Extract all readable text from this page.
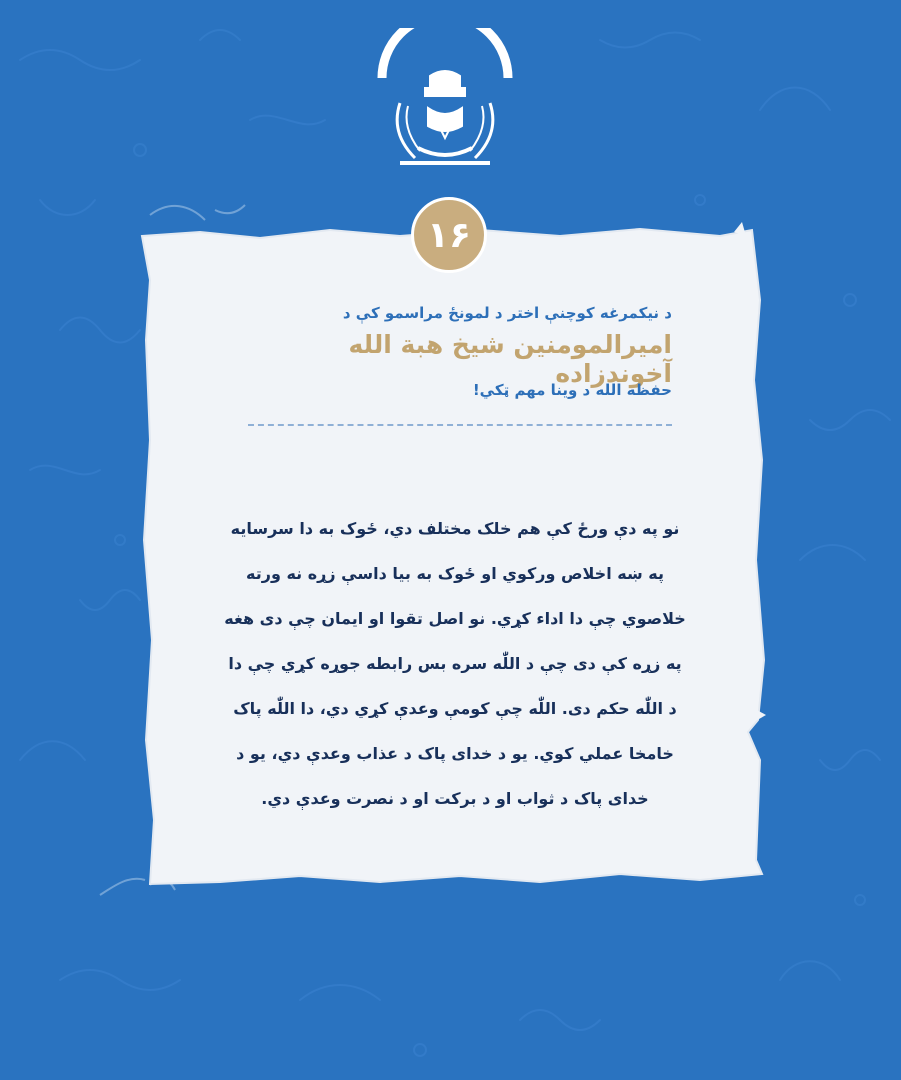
۱۶
د نیکمرغه کوچنې اختر د لمونځ مراسمو کې د
امیرالمومنین شیخ هبة الله آخوندزاده
حفظه الله د وینا مهم ټکي!

نو په دې ورځ کې هم خلک مختلف دي، ځوک به دا سرسایه

په ښه اخلاص ورکوي او ځوک به بیا داسې زړه نه ورته

خلاصوي چې دا اداء کړي. نو اصل تقوا او ایمان چې دی هغه

په زړه کې دی چې د اللّٰه سره بس رابطه جوړه کړي چې دا

د اللّٰه حکم دی. اللّٰه چې کومې وعدې کړي دي، دا اللّٰه پاک

خامخا عملي کوي. یو د خدای پاک د عذاب وعدې دي، یو د

خدای پاک د ثواب او د برکت او د نصرت وعدې دي.
